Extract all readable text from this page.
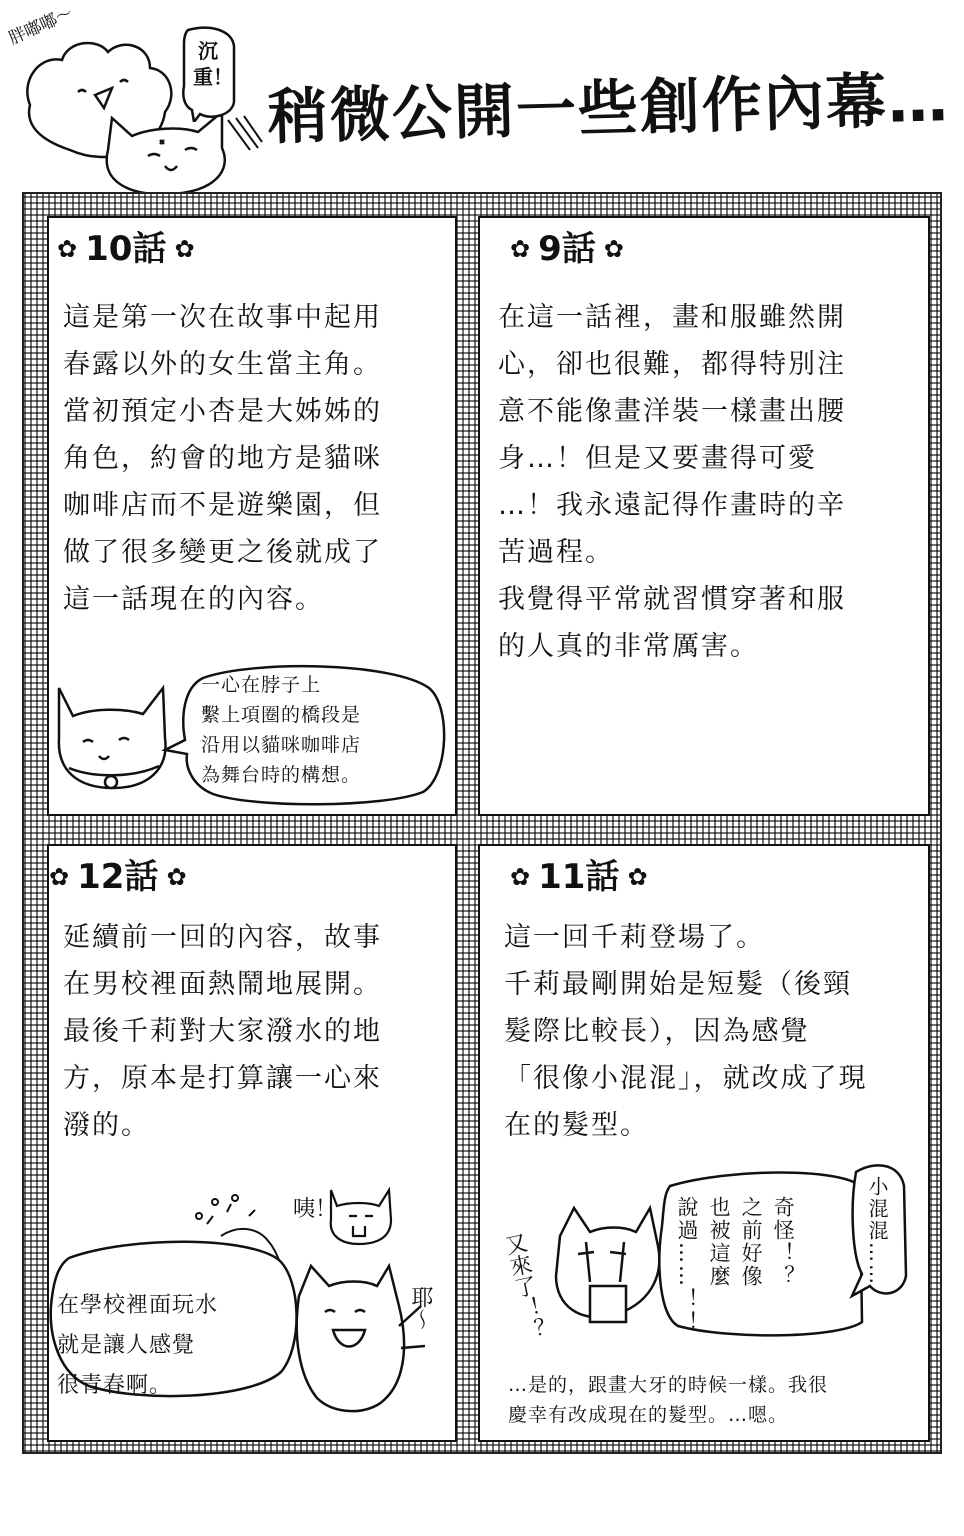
胖嘟嘟～
沉重！ 稍微公開一些創作內幕…
✿ 10話 ✿
這是第一次在故事中起用
春露以外的女生當主角。
當初預定小杏是大姊姊的
角色，約會的地方是貓咪
咖啡店而不是遊樂園，但
做了很多變更之後就成了
這一話現在的內容。
一心在脖子上
繫上項圈的橋段是
沿用以貓咪咖啡店
為舞台時的構想。
✿ 9話 ✿
在這一話裡，畫和服雖然開
心，卻也很難，都得特別注
意不能像畫洋裝一樣畫出腰
身…！但是又要畫得可愛
…！我永遠記得作畫時的辛
苦過程。
我覺得平常就習慣穿著和服
的人真的非常厲害。
✿ 12話 ✿
延續前一回的內容，故事
在男校裡面熱鬧地展開。
最後千莉對大家潑水的地
方，原本是打算讓一心來
潑的。
咦！
耶～
在學校裡面玩水
就是讓人感覺
很青春啊。
✿ 11話 ✿
這一回千莉登場了。
千莉最剛開始是短髮（後頸
髮際比較長），因為感覺
「很像小混混」，就改成了現
在的髮型。
又來了！？	奇怪！？
之前好像
也被這麼
說過……！！	小混混……
…是的，跟畫大牙的時候一樣。我很
慶幸有改成現在的髮型。…嗯。
